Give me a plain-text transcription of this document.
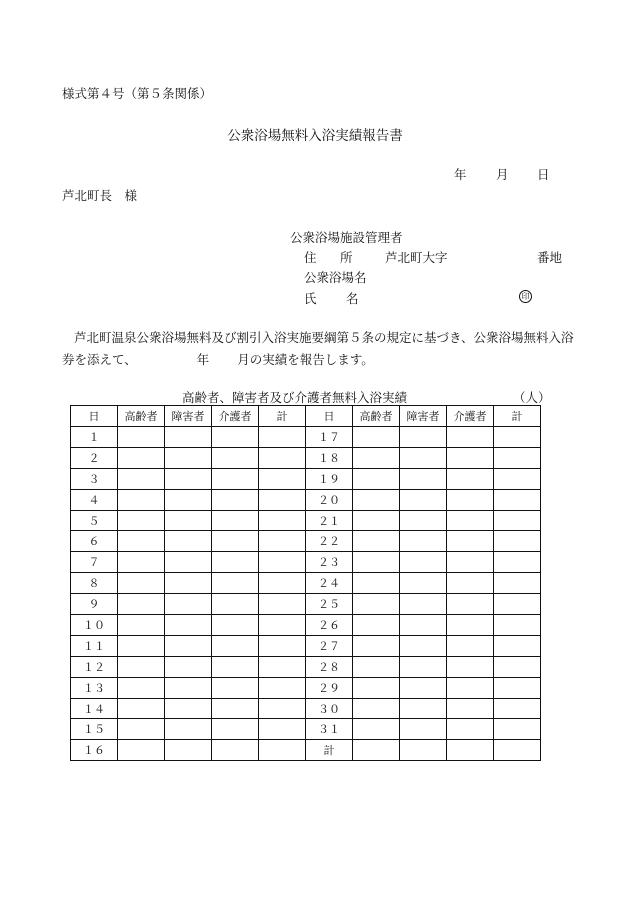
様式第４号（第５条関係）
公衆浴場無料入浴実績報告書
年 月 日
芦北町長　様
公衆浴場施設管理者
住 所	芦北町大字	番地
公衆浴場名
氏 名	印
芦北町温泉公衆浴場無料及び割引入浴実施要綱第５条の規定に基づき、公衆浴場無料入浴券を添えて、	年 月の実績を報告します。
高齢者、障害者及び介護者無料入浴実績	（人）
日	高齢者	障害者	介護者	計	日	高齢者	障害者	介護者	計
１					１７				
２					１８				
３					１９				
４					２０				
５					２１				
６					２２				
７					２３				
８					２４				
９					２５				
１０					２６				
１１					２７				
１２					２８				
１３					２９				
１４					３０				
１５					３１				
１６					計				
